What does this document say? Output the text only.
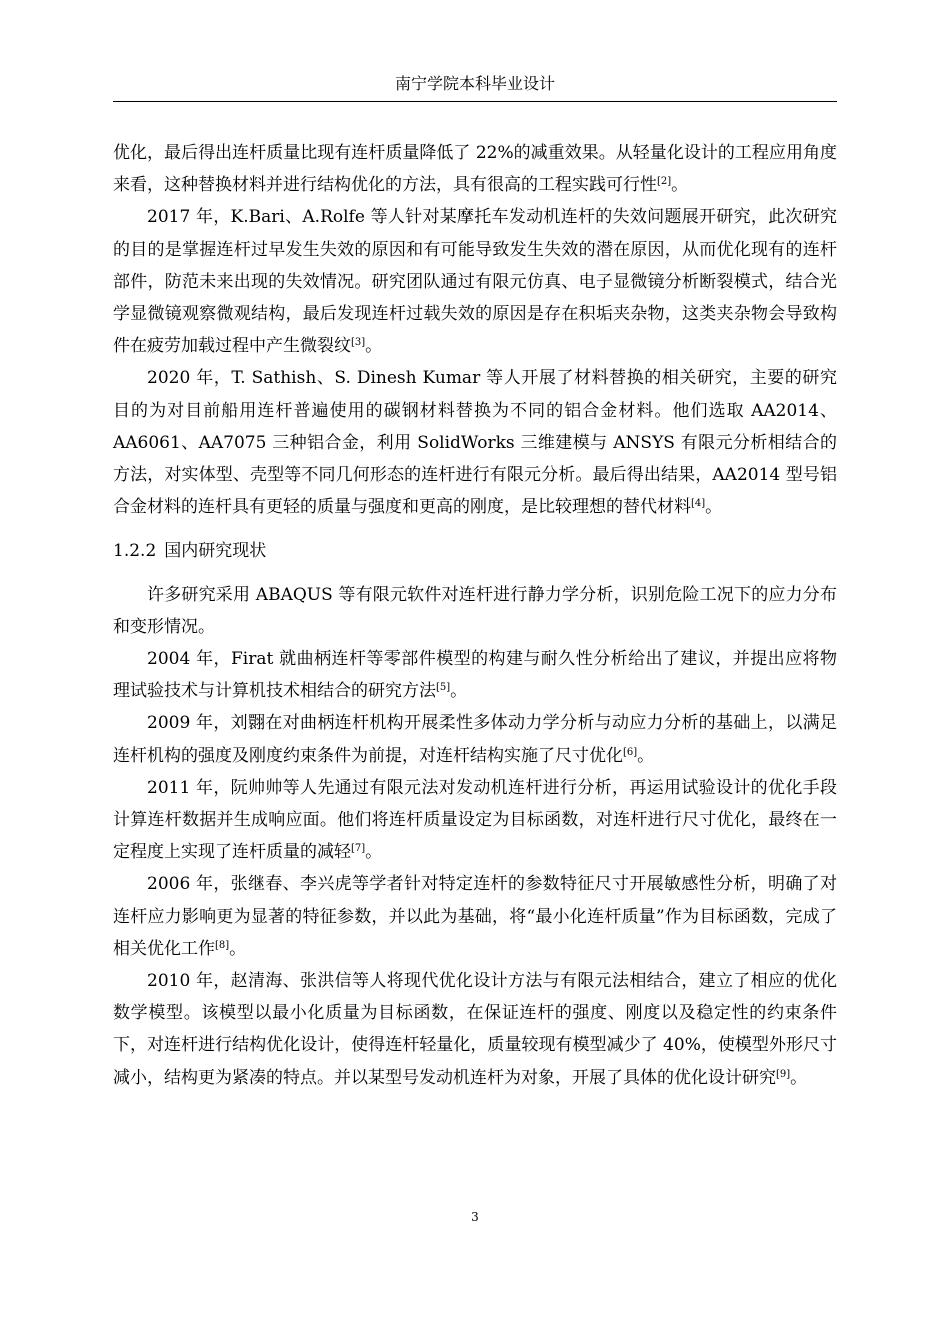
南宁学院本科毕业设计

优化，最后得出连杆质量比现有连杆质量降低了 22%的减重效果。从轻量化设计的工程应用角度来看，这种替换材料并进行结构优化的方法，具有很高的工程实践可行性[2]。

2017 年，K.Bari、A.Rolfe 等人针对某摩托车发动机连杆的失效问题展开研究，此次研究的目的是掌握连杆过早发生失效的原因和有可能导致发生失效的潜在原因，从而优化现有的连杆部件，防范未来出现的失效情况。研究团队通过有限元仿真、电子显微镜分析断裂模式，结合光学显微镜观察微观结构，最后发现连杆过载失效的原因是存在积垢夹杂物，这类夹杂物会导致构件在疲劳加载过程中产生微裂纹[3]。

2020 年，T. Sathish、S. Dinesh Kumar 等人开展了材料替换的相关研究，主要的研究目的为对目前船用连杆普遍使用的碳钢材料替换为不同的铝合金材料。他们选取 AA2014、AA6061、AA7075 三种铝合金，利用 SolidWorks 三维建模与 ANSYS 有限元分析相结合的方法，对实体型、壳型等不同几何形态的连杆进行有限元分析。最后得出结果，AA2014 型号铝合金材料的连杆具有更轻的质量与强度和更高的刚度，是比较理想的替代材料[4]。

1.2.2 国内研究现状

许多研究采用 ABAQUS 等有限元软件对连杆进行静力学分析，识别危险工况下的应力分布和变形情况。

2004 年，Firat 就曲柄连杆等零部件模型的构建与耐久性分析给出了建议，并提出应将物理试验技术与计算机技术相结合的研究方法[5]。

2009 年，刘翾在对曲柄连杆机构开展柔性多体动力学分析与动应力分析的基础上，以满足连杆机构的强度及刚度约束条件为前提，对连杆结构实施了尺寸优化[6]。

2011 年，阮帅帅等人先通过有限元法对发动机连杆进行分析，再运用试验设计的优化手段计算连杆数据并生成响应面。他们将连杆质量设定为目标函数，对连杆进行尺寸优化，最终在一定程度上实现了连杆质量的减轻[7]。

2006 年，张继春、李兴虎等学者针对特定连杆的参数特征尺寸开展敏感性分析，明确了对连杆应力影响更为显著的特征参数，并以此为基础，将“最小化连杆质量”作为目标函数，完成了相关优化工作[8]。

2010 年，赵清海、张洪信等人将现代优化设计方法与有限元法相结合，建立了相应的优化数学模型。该模型以最小化质量为目标函数，在保证连杆的强度、刚度以及稳定性的约束条件下，对连杆进行结构优化设计，使得连杆轻量化，质量较现有模型减少了 40%，使模型外形尺寸减小，结构更为紧凑的特点。并以某型号发动机连杆为对象，开展了具体的优化设计研究[9]。

3
